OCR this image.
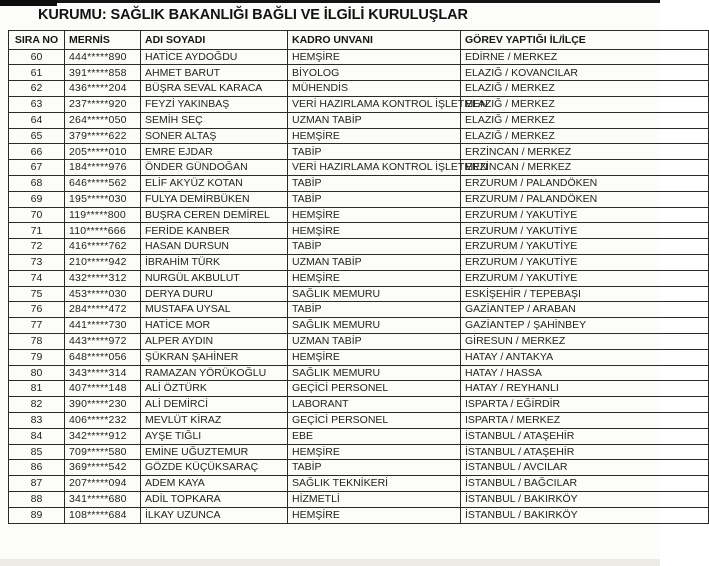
KURUMU: SAĞLIK BAKANLIĞI BAĞLI VE İLGİLİ KURULUŞLAR
SIRA NO	MERNİS	ADI SOYADI	KADRO UNVANI	GÖREV YAPTIĞI İL/İLÇE
60	444*****890	HATİCE AYDOĞDU	HEMŞİRE	EDİRNE / MERKEZ
61	391*****858	AHMET BARUT	BİYOLOG	ELAZIĞ / KOVANCILAR
62	436*****204	BÜŞRA SEVAL KARACA	MÜHENDİS	ELAZIĞ / MERKEZ
63	237*****920	FEYZİ YAKINBAŞ	VERİ HAZIRLAMA KONTROL İŞLETMEN	ELAZIĞ / MERKEZ
64	264*****050	SEMİH SEÇ	UZMAN TABİP	ELAZIĞ / MERKEZ
65	379*****622	SONER ALTAŞ	HEMŞİRE	ELAZIĞ / MERKEZ
66	205*****010	EMRE EJDAR	TABİP	ERZİNCAN / MERKEZ
67	184*****976	ÖNDER GÜNDOĞAN	VERİ HAZIRLAMA KONTROL İŞLETMEN	ERZİNCAN / MERKEZ
68	646*****562	ELİF AKYÜZ KOTAN	TABİP	ERZURUM / PALANDÖKEN
69	195*****030	FULYA DEMİRBÜKEN	TABİP	ERZURUM / PALANDÖKEN
70	119*****800	BUŞRA CEREN DEMİREL	HEMŞİRE	ERZURUM / YAKUTİYE
71	110*****666	FERİDE KANBER	HEMŞİRE	ERZURUM / YAKUTİYE
72	416*****762	HASAN DURSUN	TABİP	ERZURUM / YAKUTİYE
73	210*****942	İBRAHİM TÜRK	UZMAN TABİP	ERZURUM / YAKUTİYE
74	432*****312	NURGÜL AKBULUT	HEMŞİRE	ERZURUM / YAKUTİYE
75	453*****030	DERYA DURU	SAĞLIK MEMURU	ESKİŞEHİR / TEPEBAŞI
76	284*****472	MUSTAFA UYSAL	TABİP	GAZİANTEP / ARABAN
77	441*****730	HATİCE MOR	SAĞLIK MEMURU	GAZİANTEP / ŞAHİNBEY
78	443*****972	ALPER AYDIN	UZMAN TABİP	GİRESUN / MERKEZ
79	648*****056	ŞÜKRAN ŞAHİNER	HEMŞİRE	HATAY / ANTAKYA
80	343*****314	RAMAZAN YÖRÜKOĞLU	SAĞLIK MEMURU	HATAY / HASSA
81	407*****148	ALİ ÖZTÜRK	GEÇİCİ PERSONEL	HATAY / REYHANLI
82	390*****230	ALİ DEMİRCİ	LABORANT	ISPARTA / EĞİRDİR
83	406*****232	MEVLÜT KİRAZ	GEÇİCİ PERSONEL	ISPARTA / MERKEZ
84	342*****912	AYŞE TIĞLI	EBE	İSTANBUL / ATAŞEHİR
85	709*****580	EMİNE UĞUZTEMUR	HEMŞİRE	İSTANBUL / ATAŞEHİR
86	369*****542	GÖZDE KÜÇÜKSARAÇ	TABİP	İSTANBUL / AVCILAR
87	207*****094	ADEM KAYA	SAĞLIK TEKNİKERİ	İSTANBUL / BAĞCILAR
88	341*****680	ADİL TOPKARA	HİZMETLİ	İSTANBUL / BAKIRKÖY
89	108*****684	İLKAY UZUNCA	HEMŞİRE	İSTANBUL / BAKIRKÖY
